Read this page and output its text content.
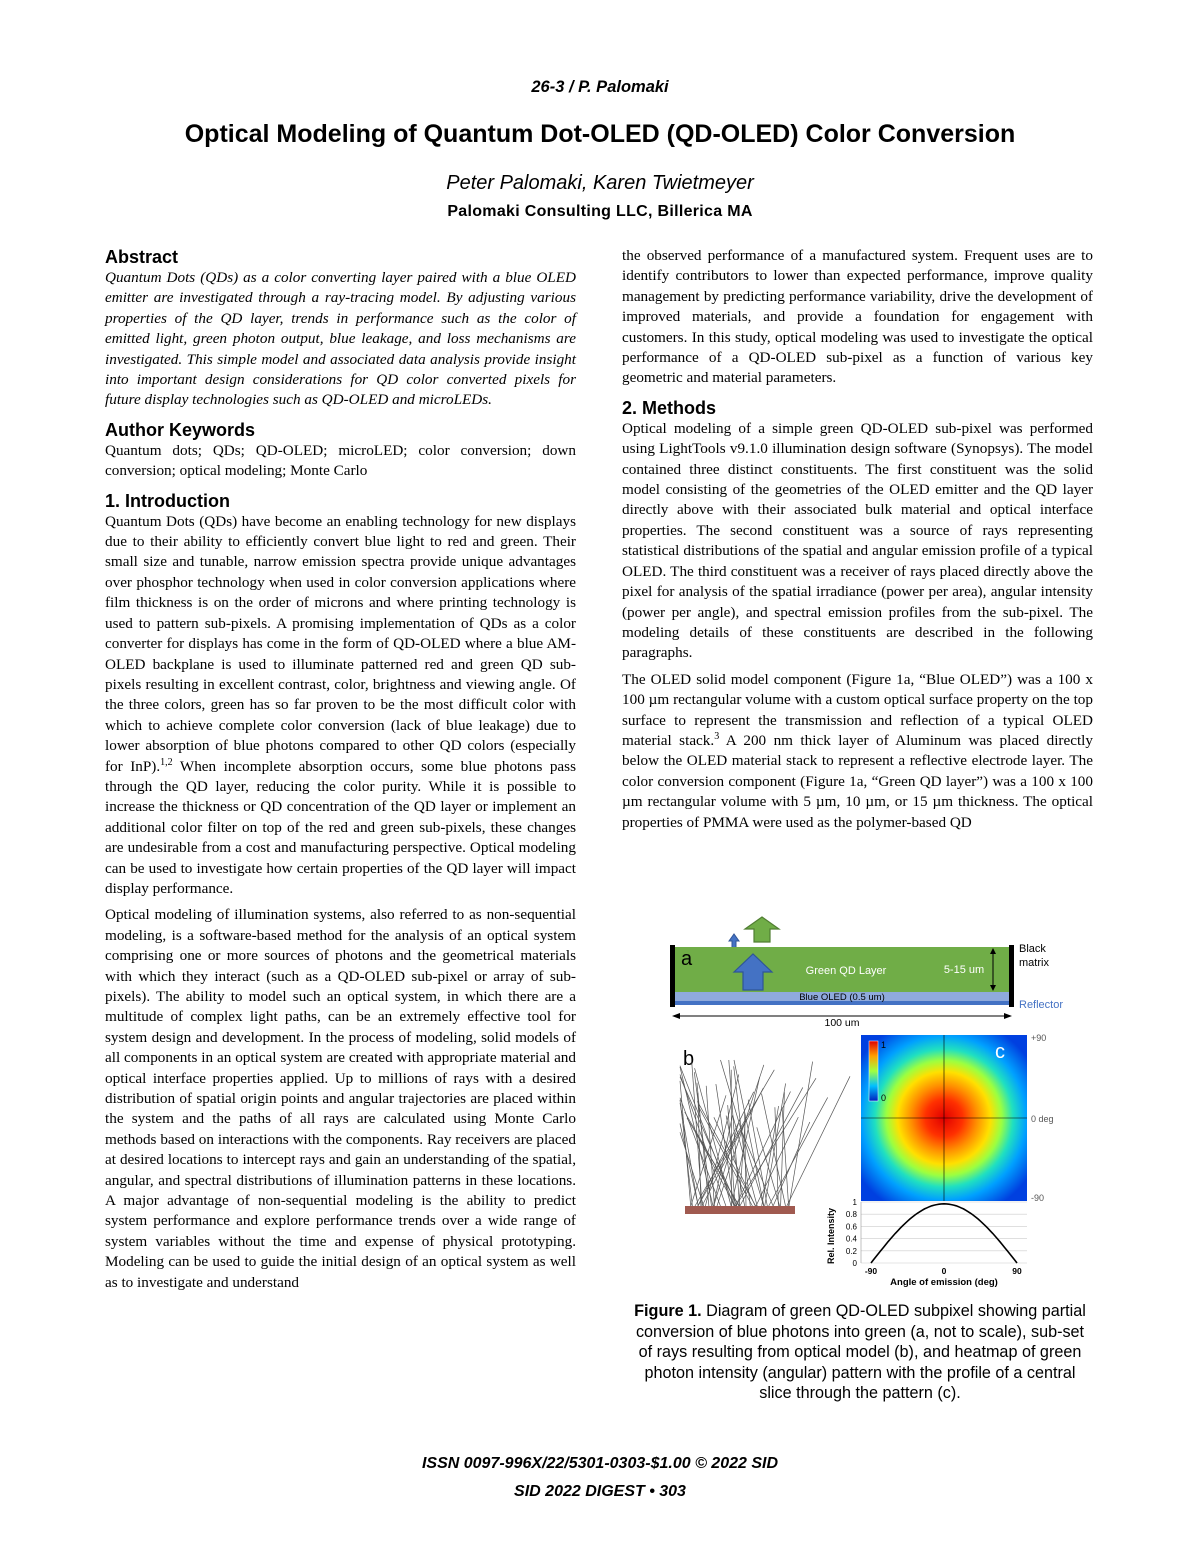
26-3 / P. Palomaki
Optical Modeling of Quantum Dot-OLED (QD-OLED) Color Conversion
Peter Palomaki, Karen Twietmeyer
Palomaki Consulting LLC, Billerica MA
Abstract

Quantum Dots (QDs) as a color converting layer paired with a blue OLED emitter are investigated through a ray-tracing model. By adjusting various properties of the QD layer, trends in performance such as the color of emitted light, green photon output, blue leakage, and loss mechanisms are investigated. This simple model and associated data analysis provide insight into important design considerations for QD color converted pixels for future display technologies such as QD-OLED and microLEDs.

Author Keywords

Quantum dots; QDs; QD-OLED; microLED; color conversion; down conversion; optical modeling; Monte Carlo

1. Introduction

Quantum Dots (QDs) have become an enabling technology for new displays due to their ability to efficiently convert blue light to red and green. Their small size and tunable, narrow emission spectra provide unique advantages over phosphor technology when used in color conversion applications where film thickness is on the order of microns and where printing technology is used to pattern sub-pixels. A promising implementation of QDs as a color converter for displays has come in the form of QD-OLED where a blue AM-OLED backplane is used to illuminate patterned red and green QD sub-pixels resulting in excellent contrast, color, brightness and viewing angle. Of the three colors, green has so far proven to be the most difficult color with which to achieve complete color conversion (lack of blue leakage) due to lower absorption of blue photons compared to other QD colors (especially for InP).$^{1,2}$ When incomplete absorption occurs, some blue photons pass through the QD layer, reducing the color purity. While it is possible to increase the thickness or QD concentration of the QD layer or implement an additional color filter on top of the red and green sub-pixels, these changes are undesirable from a cost and manufacturing perspective. Optical modeling can be used to investigate how certain properties of the QD layer will impact display performance.

Optical modeling of illumination systems, also referred to as non-sequential modeling, is a software-based method for the analysis of an optical system comprising one or more sources of photons and the geometrical materials with which they interact (such as a QD-OLED sub-pixel or array of sub-pixels). The ability to model such an optical system, in which there are a multitude of complex light paths, can be an extremely effective tool for system design and development. In the process of modeling, solid models of all components in an optical system are created with appropriate material and optical interface properties applied. Up to millions of rays with a desired distribution of spatial origin points and angular trajectories are placed within the system and the paths of all rays are calculated using Monte Carlo methods based on interactions with the components. Ray receivers are placed at desired locations to intercept rays and gain an understanding of the spatial, angular, and spectral distributions of illumination patterns in these locations. A major advantage of non-sequential modeling is the ability to predict system performance and explore performance trends over a wide range of system variables without the time and expense of physical prototyping. Modeling can be used to guide the initial design of an optical system as well as to investigate and understand

the observed performance of a manufactured system. Frequent uses are to identify contributors to lower than expected performance, improve quality management by predicting performance variability, drive the development of improved materials, and provide a foundation for engagement with customers. In this study, optical modeling was used to investigate the optical performance of a QD-OLED sub-pixel as a function of various key geometric and material parameters.

2. Methods

Optical modeling of a simple green QD-OLED sub-pixel was performed using LightTools v9.1.0 illumination design software (Synopsys). The model contained three distinct constituents. The first constituent was the solid model consisting of the geometries of the OLED emitter and the QD layer directly above with their associated bulk material and optical interface properties. The second constituent was a source of rays representing statistical distributions of the spatial and angular emission profile of a typical OLED. The third constituent was a receiver of rays placed directly above the pixel for analysis of the spatial irradiance (power per area), angular intensity (power per angle), and spectral emission profiles from the sub-pixel. The modeling details of these constituents are described in the following paragraphs.

The OLED solid model component (Figure 1a, “Blue OLED”) was a 100 x 100 µm rectangular volume with a custom optical surface property on the top surface to represent the transmission and reflection of a typical OLED material stack.$^3$ A 200 nm thick layer of Aluminum was placed directly below the OLED material stack to represent a reflective electrode layer. The color conversion component (Figure 1a, “Green QD layer”) was a 100 x 100 µm rectangular volume with 5 µm, 10 µm, or 15 µm thickness. The optical properties of PMMA were used as the polymer-based QD

a
Green QD Layer	5-15 um
Blue OLED (0.5 um)
100 um
Black
matrix
Reflector
b
1
0
c
+90
0 deg
-90
1
0.8
0.6
0.4
0.2
0
-90	0	90
Rel. Intensity
Angle of emission (deg)
Figure 1. Diagram of green QD-OLED subpixel showing partial conversion of blue photons into green (a, not to scale), sub-set of rays resulting from optical model (b), and heatmap of green photon intensity (angular) pattern with the profile of a central slice through the pattern (c).
ISSN 0097-996X/22/5301-0303-$1.00 © 2022 SID
SID 2022 DIGEST • 303
